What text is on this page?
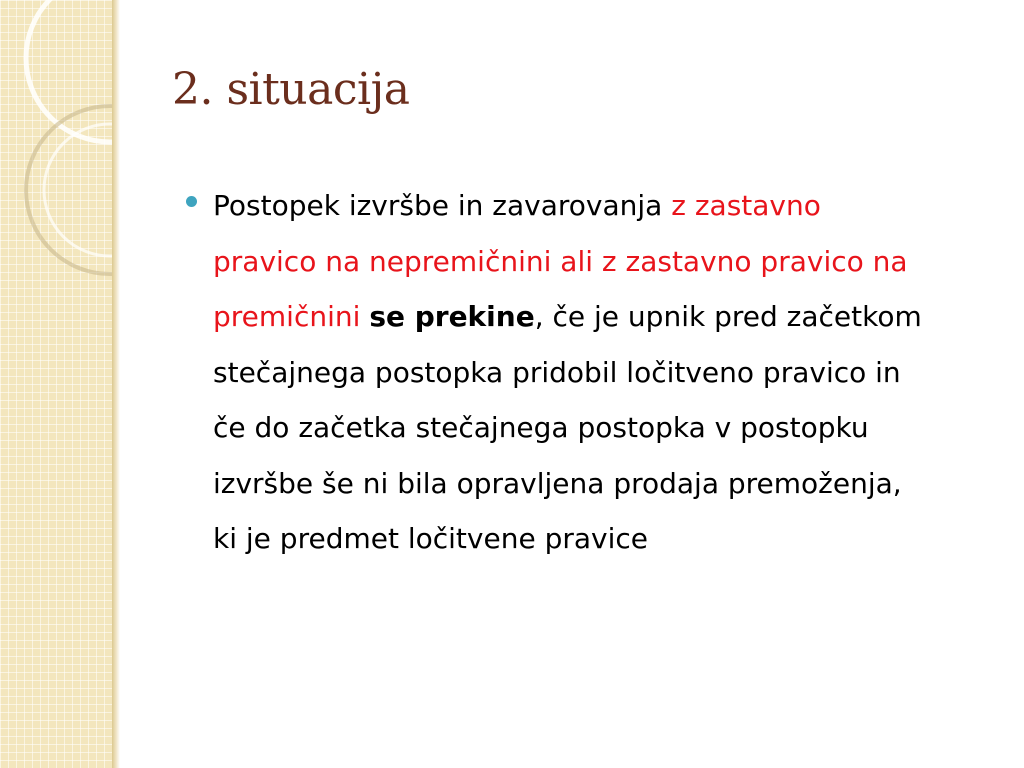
2. situacija

Postopek izvršbe in zavarovanja z zastavno pravico na nepremičnini ali z zastavno pravico na premičnini se prekine, če je upnik pred začetkom stečajnega postopka pridobil ločitveno pravico in če do začetka stečajnega postopka v postopku izvršbe še ni bila opravljena prodaja premoženja, ki je predmet ločitvene pravice
